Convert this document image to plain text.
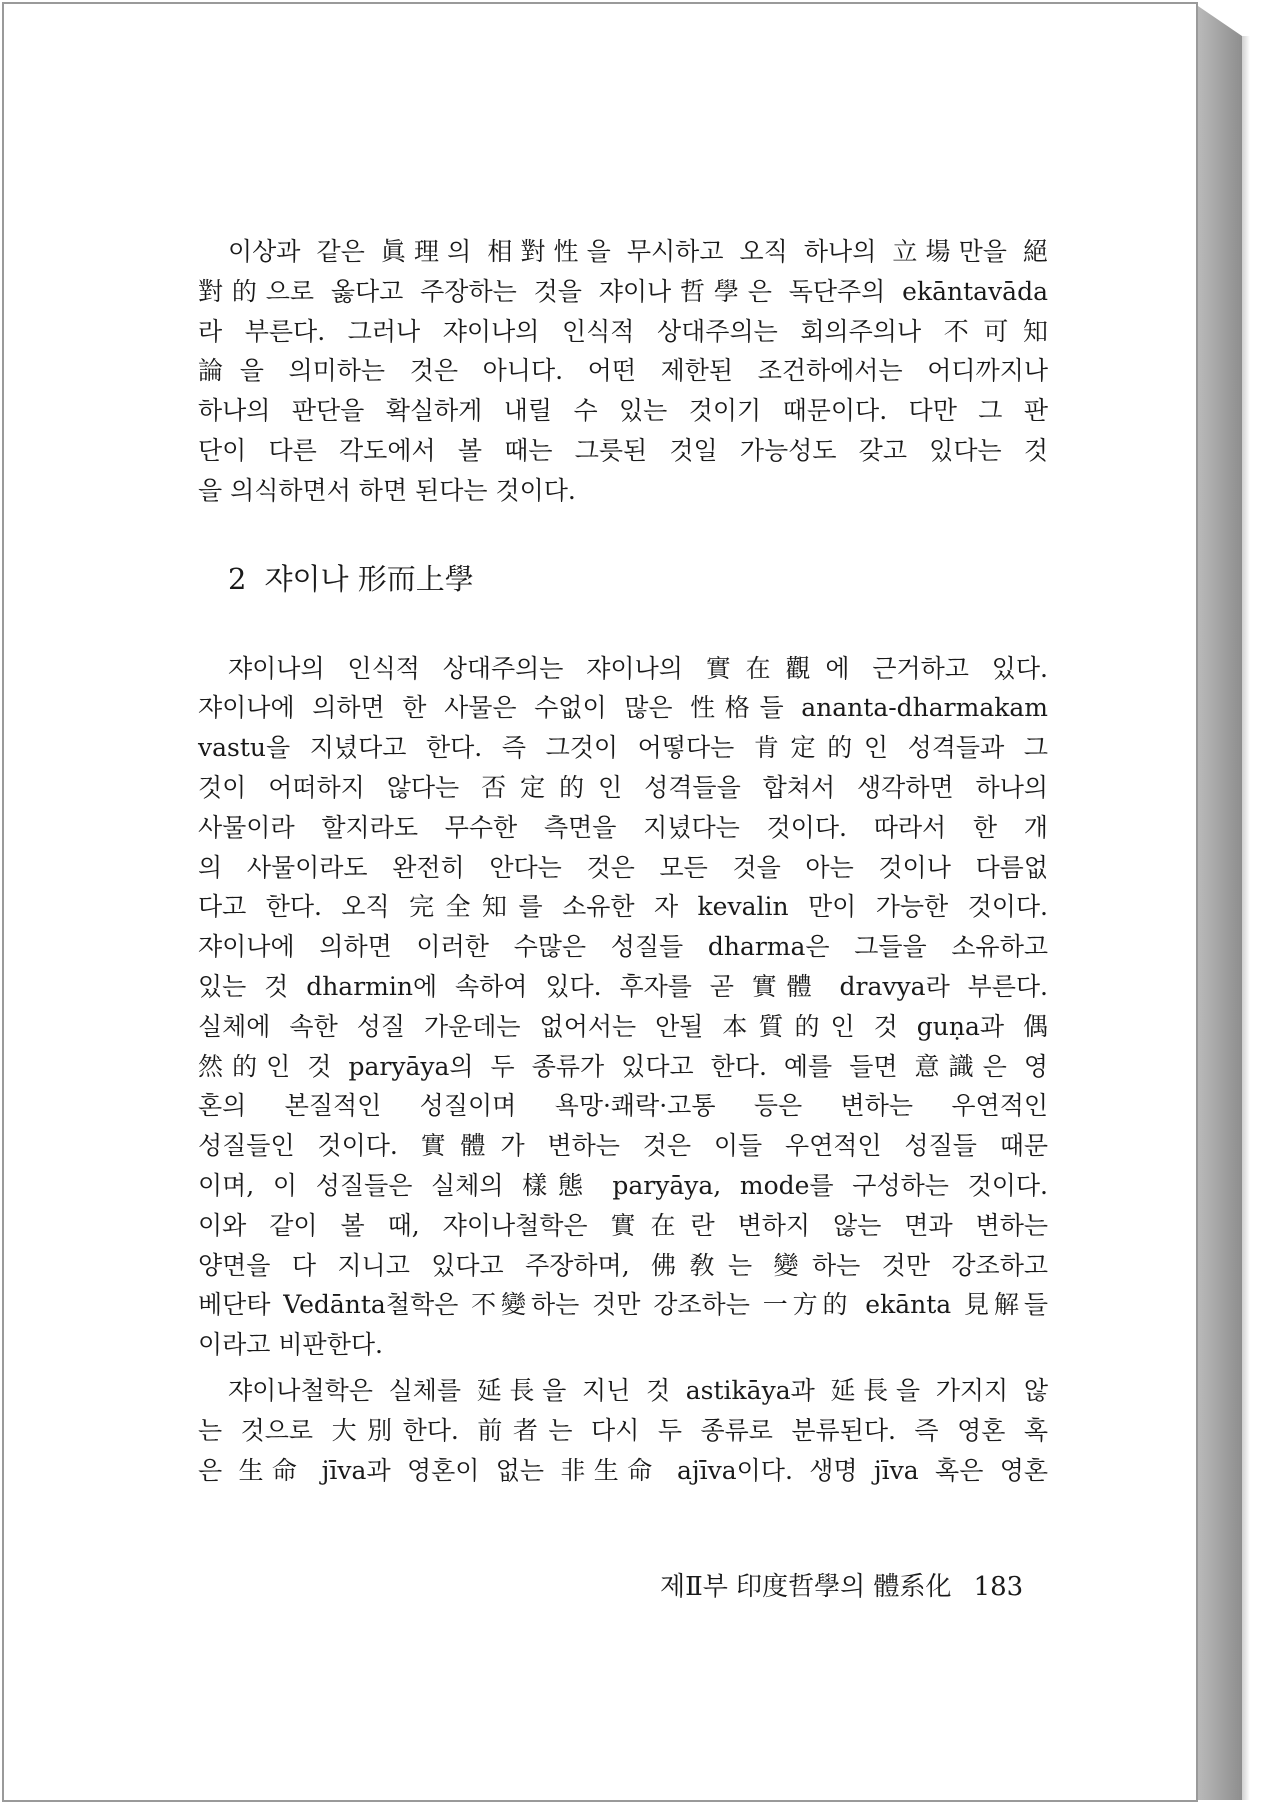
이상과 같은 眞理의 相對性을 무시하고 오직 하나의 立場만을 絕
對的으로 옳다고 주장하는 것을 쟈이나哲學은 독단주의 ekāntavāda
라 부른다. 그러나 쟈이나의 인식적 상대주의는 회의주의나 不可知
論을 의미하는 것은 아니다. 어떤 제한된 조건하에서는 어디까지나
하나의 판단을 확실하게 내릴 수 있는 것이기 때문이다. 다만 그 판
단이 다른 각도에서 볼 때는 그릇된 것일 가능성도 갖고 있다는 것
을 의식하면서 하면 된다는 것이다.

2 쟈이나 形而上學

쟈이나의 인식적 상대주의는 쟈이나의 實在觀에 근거하고 있다.
쟈이나에 의하면 한 사물은 수없이 많은 性格들 ananta-dharmakam
vastu을 지녔다고 한다. 즉 그것이 어떻다는 肯定的인 성격들과 그
것이 어떠하지 않다는 否定的인 성격들을 합쳐서 생각하면 하나의
사물이라 할지라도 무수한 측면을 지녔다는 것이다. 따라서 한 개
의 사물이라도 완전히 안다는 것은 모든 것을 아는 것이나 다름없
다고 한다. 오직 完全知를 소유한 자 kevalin 만이 가능한 것이다.
쟈이나에 의하면 이러한 수많은 성질들 dharma은 그들을 소유하고
있는 것 dharmin에 속하여 있다. 후자를 곧 實體 dravya라 부른다.
실체에 속한 성질 가운데는 없어서는 안될 本質的인 것 guṇa과 偶
然的인 것 paryāya의 두 종류가 있다고 한다. 예를 들면 意識은 영
혼의 본질적인 성질이며 욕망·쾌락·고통 등은 변하는 우연적인
성질들인 것이다. 實體가 변하는 것은 이들 우연적인 성질들 때문
이며, 이 성질들은 실체의 樣態 paryāya, mode를 구성하는 것이다.
이와 같이 볼 때, 쟈이나철학은 實在란 변하지 않는 면과 변하는
양면을 다 지니고 있다고 주장하며, 佛敎는 變하는 것만 강조하고
베단타 Vedānta철학은 不變하는 것만 강조하는 一方的 ekānta 見解들
이라고 비판한다.

쟈이나철학은 실체를 延長을 지닌 것 astikāya과 延長을 가지지 않
는 것으로 大別한다. 前者는 다시 두 종류로 분류된다. 즉 영혼 혹
은 生命 jīva과 영혼이 없는 非生命 ajīva이다. 생명 jīva 혹은 영혼

제Ⅱ부 印度哲學의 體系化 183
